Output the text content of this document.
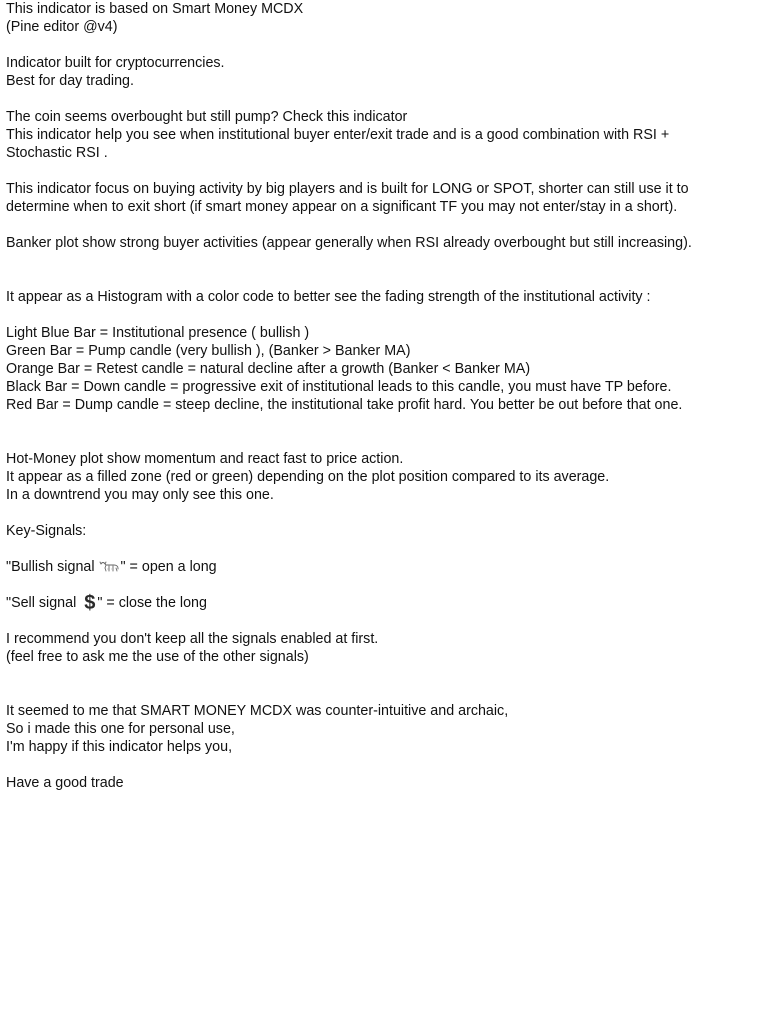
This indicator is based on Smart Money MCDX
(Pine editor @v4)
Indicator built for cryptocurrencies.
Best for day trading.
The coin seems overbought but still pump? Check this indicator
This indicator help you see when institutional buyer enter/exit trade and is a good combination with RSI +
Stochastic RSI .
This indicator focus on buying activity by big players and is built for LONG or SPOT, shorter can still use it to
determine when to exit short (if smart money appear on a significant TF you may not enter/stay in a short).
Banker plot show strong buyer activities (appear generally when RSI already overbought but still increasing).
It appear as a Histogram with a color code to better see the fading strength of the institutional activity :
Light Blue Bar = Institutional presence ( bullish )
Green Bar = Pump candle (very bullish ), (Banker > Banker MA)
Orange Bar = Retest candle = natural decline after a growth (Banker < Banker MA)
Black Bar = Down candle = progressive exit of institutional leads to this candle, you must have TP before.
Red Bar = Dump candle = steep decline, the institutional take profit hard. You better be out before that one.
Hot-Money plot show momentum and react fast to price action.
It appear as a filled zone (red or green) depending on the plot position compared to its average.
In a downtrend you may only see this one.
Key-Signals:
"Bullish signal
" = open a long
"Sell signal $ " = close the long
I recommend you don't keep all the signals enabled at first.
(feel free to ask me the use of the other signals)
It seemed to me that SMART MONEY MCDX was counter-intuitive and archaic,
So i made this one for personal use,
I'm happy if this indicator helps you,
Have a good trade
